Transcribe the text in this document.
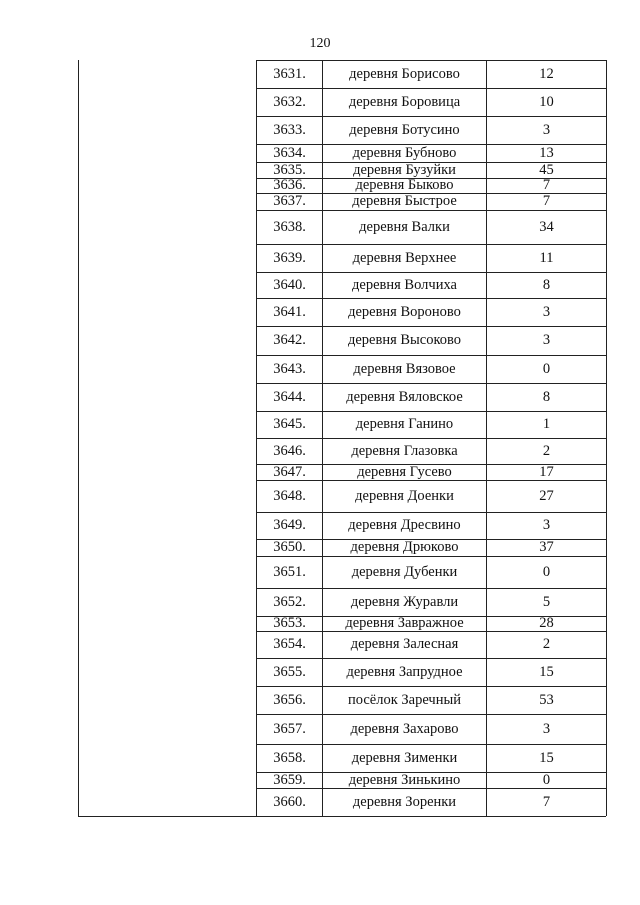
120
3631.	деревня Борисово	12
3632.	деревня Боровица	10
3633.	деревня Ботусино	3
3634.	деревня Бубново	13
3635.	деревня Бузуйки	45
3636.	деревня Быково	7
3637.	деревня Быстрое	7
3638.	деревня Валки	34
3639.	деревня Верхнее	11
3640.	деревня Волчиха	8
3641.	деревня Вороново	3
3642.	деревня Высоково	3
3643.	деревня Вязовое	0
3644.	деревня Вяловское	8
3645.	деревня Ганино	1
3646.	деревня Глазовка	2
3647.	деревня Гусево	17
3648.	деревня Доенки	27
3649.	деревня Дресвино	3
3650.	деревня Дрюково	37
3651.	деревня Дубенки	0
3652.	деревня Журавли	5
3653.	деревня Завражное	28
3654.	деревня Залесная	2
3655.	деревня Запрудное	15
3656.	посёлок Заречный	53
3657.	деревня Захарово	3
3658.	деревня Зименки	15
3659.	деревня Зинькино	0
3660.	деревня Зоренки	7
